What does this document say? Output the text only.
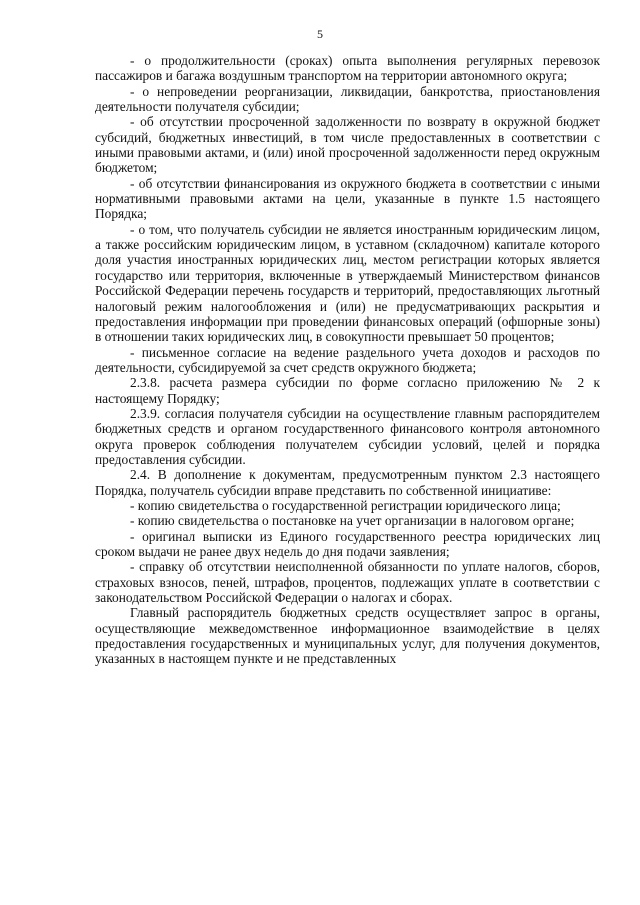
5

- о продолжительности (сроках) опыта выполнения регулярных перевозок пассажиров и багажа воздушным транспортом на территории автономного округа;

- о непроведении реорганизации, ликвидации, банкротства, приостановления деятельности получателя субсидии;

- об отсутствии просроченной задолженности по возврату в окружной бюджет субсидий, бюджетных инвестиций, в том числе предоставленных в соответствии с иными правовыми актами, и (или) иной просроченной задолженности перед окружным бюджетом;

- об отсутствии финансирования из окружного бюджета в соответствии с иными нормативными правовыми актами на цели, указанные в пункте 1.5 настоящего Порядка;

- о том, что получатель субсидии не является иностранным юридическим лицом, а также российским юридическим лицом, в уставном (складочном) капитале которого доля участия иностранных юридических лиц, местом регистрации которых является государство или территория, включенные в утверждаемый Министерством финансов Российской Федерации перечень государств и территорий, предоставляющих льготный налоговый режим налогообложения и (или) не предусматривающих раскрытия и предоставления информации при проведении финансовых операций (офшорные зоны) в отношении таких юридических лиц, в совокупности превышает 50 процентов;

- письменное согласие на ведение раздельного учета доходов и расходов по деятельности, субсидируемой за счет средств окружного бюджета;

2.3.8. расчета размера субсидии по форме согласно приложению № 2 к настоящему Порядку;

2.3.9. согласия получателя субсидии на осуществление главным распорядителем бюджетных средств и органом государственного финансового контроля автономного округа проверок соблюдения получателем субсидии условий, целей и порядка предоставления субсидии.

2.4. В дополнение к документам, предусмотренным пунктом 2.3 настоящего Порядка, получатель субсидии вправе представить по собственной инициативе:

- копию свидетельства о государственной регистрации юридического лица;

- копию свидетельства о постановке на учет организации в налоговом органе;

- оригинал выписки из Единого государственного реестра юридических лиц сроком выдачи не ранее двух недель до дня подачи заявления;

- справку об отсутствии неисполненной обязанности по уплате налогов, сборов, страховых взносов, пеней, штрафов, процентов, подлежащих уплате в соответствии с законодательством Российской Федерации о налогах и сборах.

Главный распорядитель бюджетных средств осуществляет запрос в органы, осуществляющие межведомственное информационное взаимодействие в целях предоставления государственных и муниципальных услуг, для получения документов, указанных в настоящем пункте и не представленных
